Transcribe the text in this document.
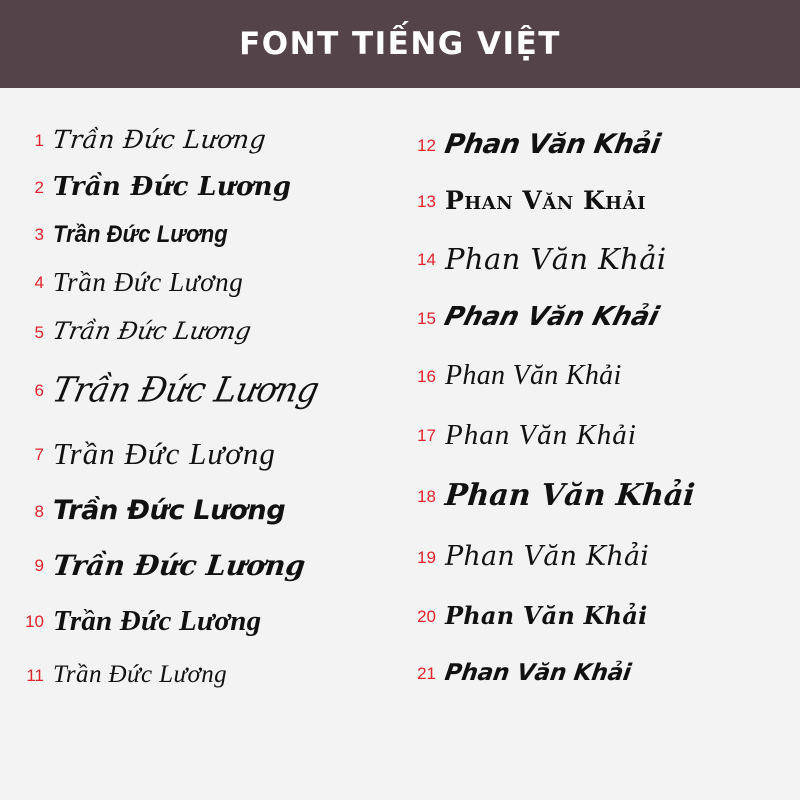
FONT TIẾNG VIỆT
1 Trần Đức Lương
2 Trần Đức Lương
3 Trần Đức Lương
4 Trần Đức Lương
5 Trần Đức Lương
6 Trần Đức Lương
7 Trần Đức Lương
8 Trần Đức Lương
9 Trần Đức Lương
10 Trần Đức Lương
11 Trần Đức Lương
12 Phan Văn Khải
13 Phan Văn Khải
14 Phan Văn Khải
15 Phan Văn Khải
16 Phan Văn Khải
17 Phan Văn Khải
18 Phan Văn Khải
19 Phan Văn Khải
20 Phan Văn Khải
21 Phan Văn Khải
